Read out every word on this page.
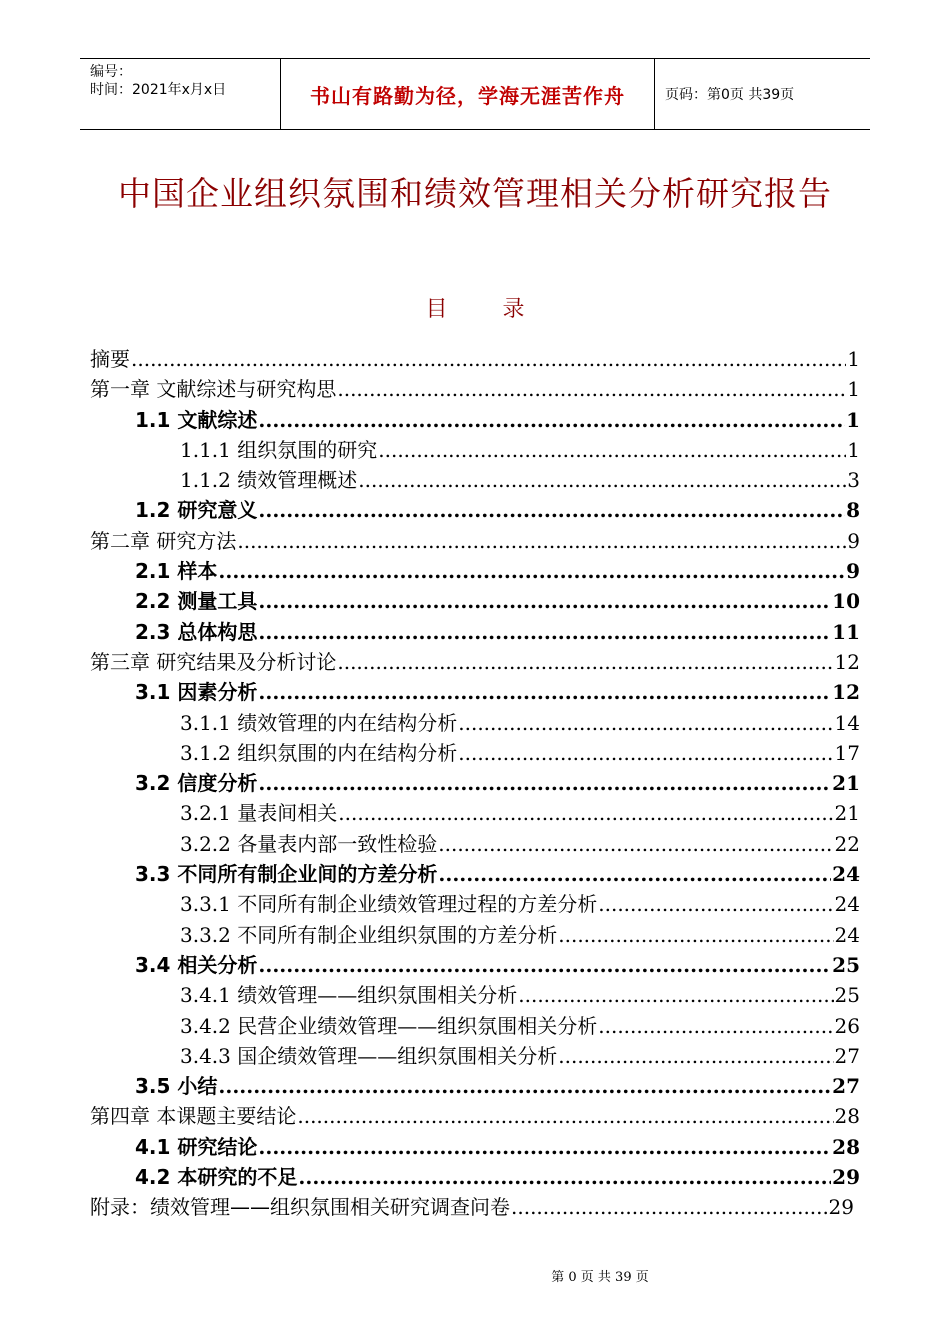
编号：
时间：2021年x月x日	书山有路勤为径，学海无涯苦作舟	页码：第0页 共39页
中国企业组织氛围和绩效管理相关分析研究报告
目 录
摘要 .....	1
第一章 文献综述与研究构思 .....	1
1.1 文献综述 .....	1
1.1.1 组织氛围的研究 .....	1
1.1.2 绩效管理概述 .....	3
1.2 研究意义 .....	8
第二章 研究方法 .....	9
2.1 样本 .....	9
2.2 测量工具 .....	10
2.3 总体构思 .....	11
第三章 研究结果及分析讨论 .....	12
3.1 因素分析 .....	12
3.1.1 绩效管理的内在结构分析 .....	14
3.1.2 组织氛围的内在结构分析 .....	17
3.2 信度分析 .....	21
3.2.1 量表间相关 .....	21
3.2.2 各量表内部一致性检验 .....	22
3.3 不同所有制企业间的方差分析 .....	24
3.3.1 不同所有制企业绩效管理过程的方差分析 .....	24
3.3.2 不同所有制企业组织氛围的方差分析 .....	24
3.4 相关分析 .....	25
3.4.1 绩效管理——组织氛围相关分析 .....	25
3.4.2 民营企业绩效管理——组织氛围相关分析 .....	26
3.4.3 国企绩效管理——组织氛围相关分析 .....	27
3.5 小结 .....	27
第四章 本课题主要结论 .....	28
4.1 研究结论 .....	28
4.2 本研究的不足 .....	29
附录：绩效管理——组织氛围相关研究调查问卷 .....	29
第 0 页 共 39 页
